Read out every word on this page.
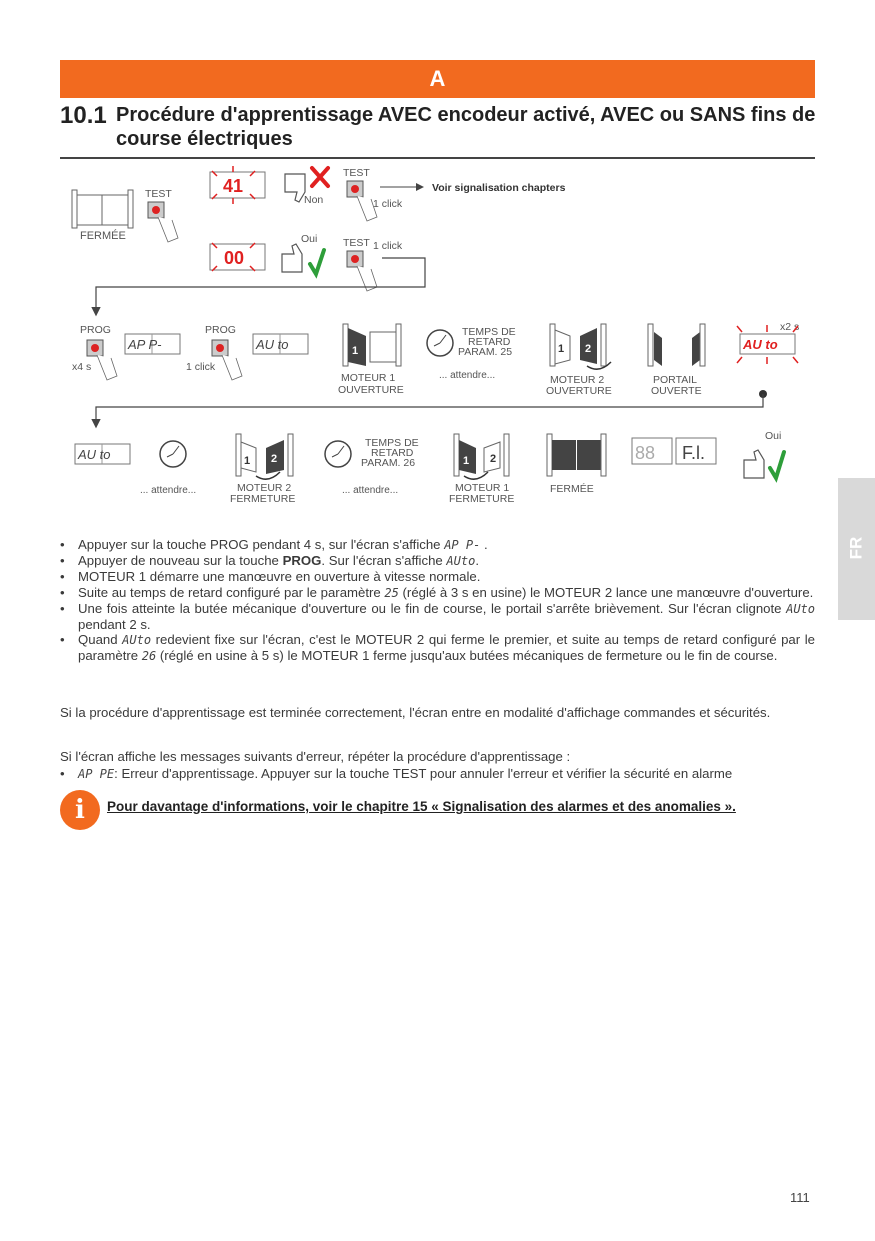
A
10.1 Procédure d'apprentissage AVEC encodeur activé, AVEC ou SANS fins de course électriques
FR
FERMÉE
TEST	41
Non
TEST
1 click
Voir signalisation chapters
00
Oui TEST 1 click
PROG
x4 s
AP P-
PROG
1 click
AU to	1
MOTEUR 1
OUVERTURE
TEMPS DE
RETARD
PARAM. 25
... attendre...
1 2
MOTEUR 2
OUVERTURE
PORTAIL
OUVERTE
x2 s
AU to
AU to
... attendre...
1 2
MOTEUR 2
FERMETURE
TEMPS DE
RETARD
PARAM. 26
... attendre...
1 2
MOTEUR 1
FERMETURE
FERMÉE
88 F.l.
Oui
• Appuyer sur la touche PROG pendant 4 s, sur l'écran s'affiche AP P- .
• Appuyer de nouveau sur la touche PROG. Sur l'écran s'affiche AUto.
• MOTEUR 1 démarre une manœuvre en ouverture à vitesse normale.
• Suite au temps de retard configuré par le paramètre 25 (réglé à 3 s en usine) le MOTEUR 2 lance une manœuvre d'ouverture.
• Une fois atteinte la butée mécanique d'ouverture ou le fin de course, le portail s'arrête brièvement. Sur l'écran clignote AUto pendant 2 s.
• Quand AUto redevient fixe sur l'écran, c'est le MOTEUR 2 qui ferme le premier, et suite au temps de retard configuré par le paramètre 26 (réglé en usine à 5 s) le MOTEUR 1 ferme jusqu'aux butées mécaniques de fermeture ou le fin de course.
Si la procédure d'apprentissage est terminée correctement, l'écran entre en modalité d'affichage commandes et sécurités.
Si l'écran affiche les messages suivants d'erreur, répéter la procédure d'apprentissage :
• AP PE: Erreur d'apprentissage. Appuyer sur la touche TEST pour annuler l'erreur et vérifier la sécurité en alarme
i	Pour davantage d'informations, voir le chapitre 15 « Signalisation des alarmes et des anomalies ».
111
